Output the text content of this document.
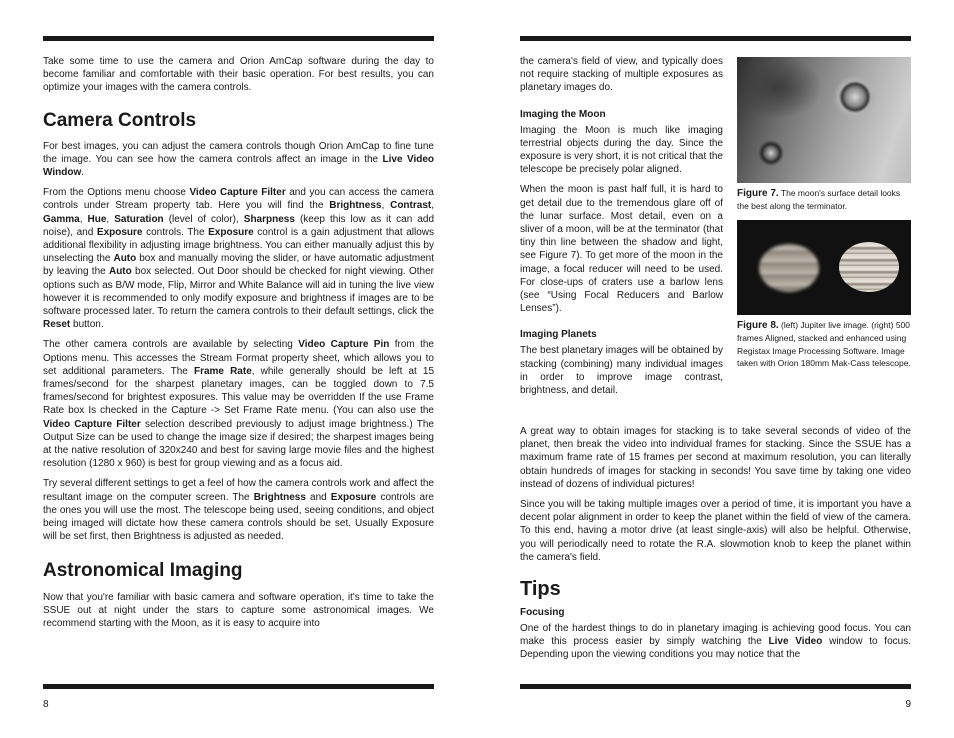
Take some time to use the camera and Orion AmCap software during the day to become familiar and comfortable with their basic operation. For best results, you can optimize your images with the camera controls.

Camera Controls

For best images, you can adjust the camera controls though Orion AmCap to fine tune the image. You can see how the camera controls affect an image in the Live Video Window.

From the Options menu choose Video Capture Filter and you can access the camera controls under Stream property tab. Here you will find the Brightness, Contrast, Gamma, Hue, Saturation (level of color), Sharpness (keep this low as it can add noise), and Exposure controls. The Exposure control is a gain adjustment that allows additional flexibility in adjusting image brightness. You can either manually adjust this by unselecting the Auto box and manually moving the slider, or have automatic adjustment by leaving the Auto box selected. Out Door should be checked for night viewing. Other options such as B/W mode, Flip, Mirror and White Balance will aid in tuning the live view however it is recommended to only modify exposure and brightness if images are to be software processed later. To return the camera controls to their default settings, click the Reset button.

The other camera controls are available by selecting Video Capture Pin from the Options menu. This accesses the Stream Format property sheet, which allows you to set additional parameters. The Frame Rate, while generally should be left at 15 frames/second for the sharpest planetary images, can be toggled down to 7.5 frames/second for brightest exposures. This value may be overridden If the use Frame Rate box Is checked in the Capture -> Set Frame Rate menu. (You can also use the Video Capture Filter selection described previously to adjust image brightness.) The Output Size can be used to change the image size if desired; the sharpest images being at the native resolution of 320x240 and best for saving large movie files and the highest resolution (1280 x 960) is best for group viewing and as a focus aid.

Try several different settings to get a feel of how the camera controls work and affect the resultant image on the computer screen. The Brightness and Exposure controls are the ones you will use the most. The telescope being used, seeing conditions, and object being imaged will dictate how these camera controls should be set. Usually Exposure will be set first, then Brightness is adjusted as needed.

Astronomical Imaging

Now that you're familiar with basic camera and software operation, it's time to take the SSUE out at night under the stars to capture some astronomical images. We recommend starting with the Moon, as it is easy to acquire into

8

the camera's field of view, and typically does not require stacking of multiple exposures as planetary images do.

Imaging the Moon

Imaging the Moon is much like imaging terrestrial objects during the day. Since the exposure is very short, it is not critical that the telescope be precisely polar aligned.

When the moon is past half full, it is hard to get detail due to the tremendous glare off of the lunar surface. Most detail, even on a sliver of a moon, will be at the terminator (that tiny thin line between the shadow and light, see Figure 7). To get more of the moon in the image, a focal reducer will need to be used. For close-ups of craters use a barlow lens (see “Using Focal Reducers and Barlow Lenses”).

Imaging Planets

The best planetary images will be obtained by stacking (combining) many individual images in order to improve image contrast, brightness, and detail.

A great way to obtain images for stacking is to take several seconds of video of the planet, then break the video into individual frames for stacking. Since the SSUE has a maximum frame rate of 15 frames per second at maximum resolution, you can literally obtain hundreds of images for stacking in seconds! You save time by taking one video instead of dozens of individual pictures!

Since you will be taking multiple images over a period of time, it is important you have a decent polar alignment in order to keep the planet within the field of view of the camera. To this end, having a motor drive (at least single-axis) will also be helpful. Otherwise, you will periodically need to rotate the R.A. slowmotion knob to keep the planet within the camera's field.

Tips
Focusing

One of the hardest things to do in planetary imaging is achieving good focus. You can make this process easier by simply watching the Live Video window to focus. Depending upon the viewing conditions you may notice that the

Figure 7. The moon's surface detail looks the best along the terminator.
Figure 8. (left) Jupiter live image. (right) 500 frames Aligned, stacked and enhanced using Registax Image Processing Software. Image taken with Orion 180mm Mak-Cass telescope.
9
